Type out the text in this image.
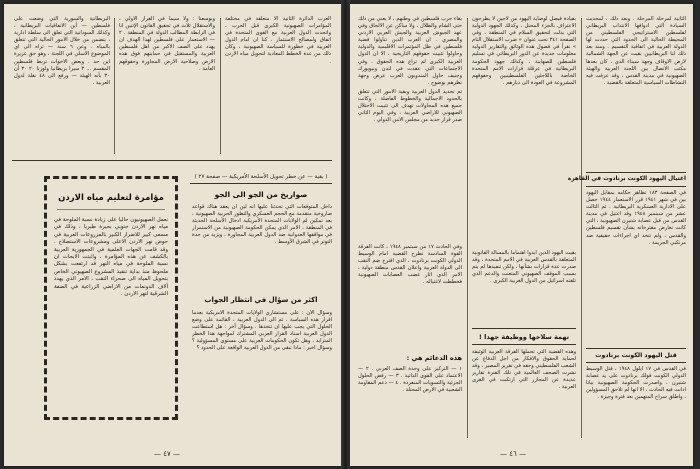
البريطانية والسورية التي وضعت على فلسطين — أين الاتفاقيات البريطانية ، وكذلك السودانية التي تعلق الى سلطة ادارية ، يتضمن من خلال الامور الحالية التي تتعلق بالمياه . وعن ٦ سنة — تراه الى اي الموضوع الاسلي في اللجنة ، وهو حق غزيرة ابن حد . وبعض الاخوات تربط فلسطين المقسم ... ٣ سيرا بريطانيا ولوزنا ٢٠ ٣٠ أن ٣٠ بأنه الهيئة — ورفع الى ٤٨ نقلة لدول العربية .

وبوسعنا : ولا سيما في القرار الأولي ، والاستقلال ثلاث في تحقيق القانون الإثنين انا في الرابطة المطالب الدولة في المنطقة . ٢ — الاستعمار على فلسطين لهذا الهدف ان يهدد على الصف الاكبر من اهل فلسطين العربية والمستقبل في حمايتهم فوق هذه الارض وصلاحية الارض المجاورة وحقوقهم العامة .

العرب الدائرة الثانية الا متعلقة في مختلفة المؤامرات الصهيونية الكبرى قبل الحرب ، واتحدت الدول العربية مع القوى المتحدة في اتفاق ولمصالح الاستثمار . كنا ان امام الدول العربية في خطورة للسياسة الصهيونية ، وكان ذلك من عدة الخطط المعادية لتحويل مياه الاردن .

مؤامرة لتعليم مياه الاردن

نعمل الصهيونيون حاليا على زيادة نسبة الملوحة في مياه نهر الاردن جنوبي بحيرة طبريا ، وذلك في مسعى كبير للاضرار الكبير بالمزروعات العربية في حوض نهر الاردن الاعلى ومشروعات الاستصلاح . وقد قامت الجهات العلمية في الجمهورية العربية بالكشف عن هذه المؤامرة ، واثبتت الابحاث ان نسبة الملوحة في مياه النهر قد ارتفعت بشكل ملحوظ منذ بداية تنفيذ المشروع الصهيوني الخاص بتحويل المياه الى صحراء النقب ، الامر الذي يهدد آلاف الدونمات من الاراضي الزراعية في الضفة الشرقية لنهر الاردن .

( بقية — عن خطر تحويل الأسلحة الأمريكية — صفحة ٢٧ )
صواريخ من الجو الى الجو

داخل المتوقعات التي تحدثنا عليها انه لين ان يعقد هناك قواعد صاروخية متقدمة مع الحجم العسكري والتطور الحربية الصهيونية ، بعد تمكين لم الولايات المتحدة الأمريكية ادخال الأسلحة الحديثة في المنطقة ، الامر الذي يمكن الحكومة الصهيونية من الاستمرار في مواقفها العدوانية ضد الدول العربية المجاورة ، ويزيد من حدة التوتر في الشرق الأوسط .

اكثر من سؤال في انتظار الجواب

وسؤال الآن : على مستشاري الولايات المتحدة الأمريكية بعدما اقرار هذه السياسة . ثم الى الدول العربية ، القائمة على وضع الحلول التي يجب عليها ان تتخذها . وسؤال آخر : هل استطاعت الدول العربية اسناد القرار العربي المشترك لمواجهة هذا الخطر المتزايد ، وهل تكون الحكومات العربية على مستوى المسؤولية ؟ وسؤال اخير : ماذا تبقى من الدول العربية الواقعة على الحدود ؟

— ٤٧ —

بقاء حرب فلسطين في وطنهم ، لا يعني من ذلك حتى الشام والظلال ، ولا ساكن عن الالحاق وفي عهد الجيوش العربية والجيش العربي الاردني والمصري . ان العرب الذين تناولوا قضية فلسطين في ظل المؤتمرات الاقليمية والدولية وحاولوا تثبيت حقوقهم التاريخية ، الا ان الدول الغربية الكبرى لم تراع هذه الحقوق . وفي الاجتماعات التي عقدت في لندن ونيويورك وجنيف حاول المندوبون العرب عرض وجهة نظرهم بوضوح .

ثم تحديد الدول العربية وبقية الامور التي تتعلق بالحدود الاجمالية والخطوط الفاصلة ، وكانت جميع هذه المحاولات تهدف الى تثبيت الاحتلال الصهيوني للاراضي العربية ، وفي اليوم الثاني صدر قرار جديد من مجلس الامن الدولي .

وفي الحادث ١٧ من سبتمبر ١٩٤٨ ، كانت الفرقة القوة السادسة تطرح القضية امام الوسيط الدولي الكونت برنادوت ، الذي اقترح ضم النقب الى الدولة العربية واعلان القدس منطقة دولية ، الامر الذي اثار غضب العصابات الصهيونية فخططت لاغتياله .

هذه الدعائم هي :

١ — التركيز على وحدة الصف العربي . ٢ — الاعتماد على القوى الذاتية . ٣ — رفض الحلول الجزئية والتسويات المنفردة . ٤ — دعم المقاومة الشعبية في الارض المحتلة .

بقيادة فيصل لوصاية اليهود من لاجين لا يطرحون الاعتراف بالجزء المحتل ، وكذلك الجهود الدولية التي بذلت لتحقيق السلام في المنطقة ، وفي الصفحة ٣٤١ تحت عنوان « ضرب الاستقلال التام » نقرأ في فصول هذه الوثائق والتقارير الدولية معلومات جديدة عن الدور البريطاني في تسليم فلسطين للصهاينة ، وكذلك جهود الحكومة البريطانية في عرقلة قرارات الامم المتحدة الخاصة باللاجئين الفلسطينيين وحقوقهم المشروعة في العودة الى ديارهم .

بقيت اليهود الذين ابدوا اهتماما بالمسألة القانونية المتعلقة بالقدس العربية في الامم المتحدة ، وقد صدرت عدة قرارات بشأنها ، ولكن تنفيذها لم يتم بسبب الموقف الصهيوني المتعنت والدعم الذي تلقته اسرائيل من الدول الغربية الكبرى .

تهمة سلاحها ووظيفة جهدا !

وهذه القضية التي تحملها الفرقة العربية الوثيقة لحماية الحقوق والافكار من اجل الدفاع عن الشعب الفلسطيني وحقه في تقرير المصير ، وقد نشرت الصحف العالمية في تلك الفترة تقارير عديدة عن المجازر التي ارتكبت في القرى العربية .

الثانية لمرحلة المرحلة . وبعد ذلك ، لمحديث السيادة التي ادوافها الانتداب البريطاني لفلسطين الاستراتيجي الفلسطيني من المحيطة الحالية الى الحدود التي حددت لها الدولة العربية في اتفاقية التقسيم . ومنذ بعد ذلك لنا البريطانيين بقيت عن الجهة الشمالية لارض الاوقاف وجهة سيناء الذي ، كان بعدها مكتب الاتصال بين اللجنة العربية والهيئة الصهيونية في مدينة القدس ، وقد عرفت فيه النشاطات السياسية المتعلقة بالقضية .

اغتيال اليهود الكونت برنادوت في القاهرة

في الصفحة ١٨٣ تظاهر حكامه بمقابل اليهود بين في شهر ١٩٤١ قرر الاستعمار ١٩٤٤ حصل على الادارية العسكرية البريطانية . ثم الثالث عشر من سبتمبر ١٩٤٨ وقد اغتيل في مدينة القدس من قبل عصابة شتيرن الصهيونية ، التي كانت تعارض مقترحاته بشأن تقسيم فلسطين والقدس ، ولم تتخذ اي اجراءات حقيقية ضد مرتكبي الجريمة .

قتل اليهود الكونت برنادوت

في القدس في ١٧ أيلول ١٩٤٨ ، قتل الوسيط الدولي الكونت فولك برنادوت على يد عصابة شتيرن ، واصدرت الحكومة الصهيونية بيانا ادانت فيه الحادث ، الا انها لم تلاحق المسؤولين ، واطلق سراح المتهمين بعد فترة وجيزة .

— ٤٦ —
